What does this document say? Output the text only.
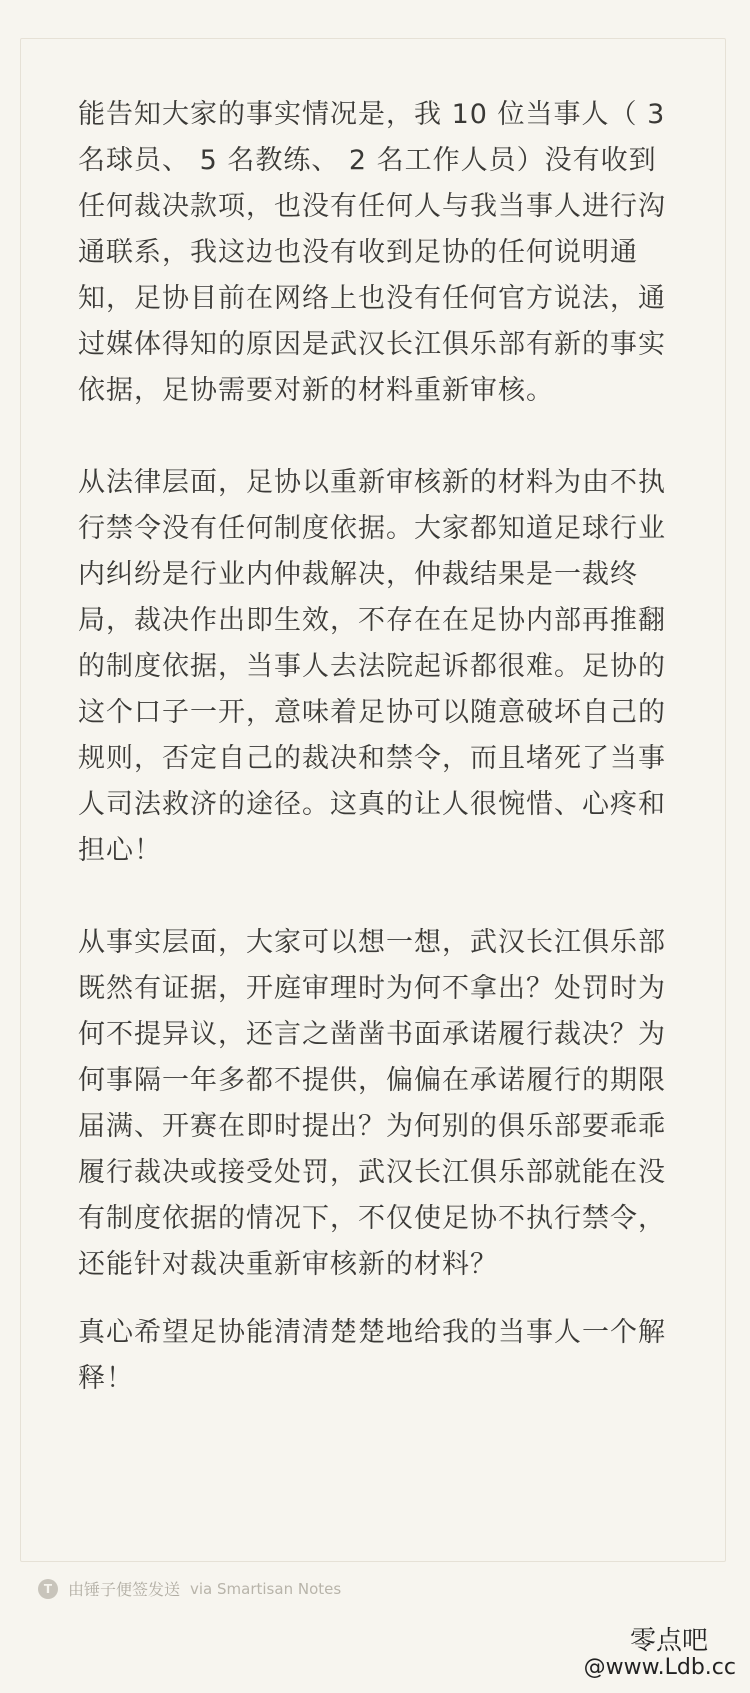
能告知大家的事实情况是，我 10 位当事人（ 3 名球员、 5 名教练、 2 名工作人员）没有收到任何裁决款项，也没有任何人与我当事人进行沟通联系，我这边也没有收到足协的任何说明通知，足协目前在网络上也没有任何官方说法，通过媒体得知的原因是武汉长江俱乐部有新的事实依据，足协需要对新的材料重新审核。

从法律层面，足协以重新审核新的材料为由不执行禁令没有任何制度依据。大家都知道足球行业内纠纷是行业内仲裁解决，仲裁结果是一裁终局，裁决作出即生效，不存在在足协内部再推翻的制度依据，当事人去法院起诉都很难。足协的这个口子一开，意味着足协可以随意破坏自己的规则，否定自己的裁决和禁令，而且堵死了当事人司法救济的途径。这真的让人很惋惜、心疼和担心！

从事实层面，大家可以想一想，武汉长江俱乐部既然有证据，开庭审理时为何不拿出？处罚时为何不提异议，还言之凿凿书面承诺履行裁决？为何事隔一年多都不提供，偏偏在承诺履行的期限届满、开赛在即时提出？为何别的俱乐部要乖乖履行裁决或接受处罚，武汉长江俱乐部就能在没有制度依据的情况下，不仅使足协不执行禁令，还能针对裁决重新审核新的材料？

真心希望足协能清清楚楚地给我的当事人一个解释！

T 由锤子便签发送 via Smartisan Notes
零点吧
@www.Ldb.cc
